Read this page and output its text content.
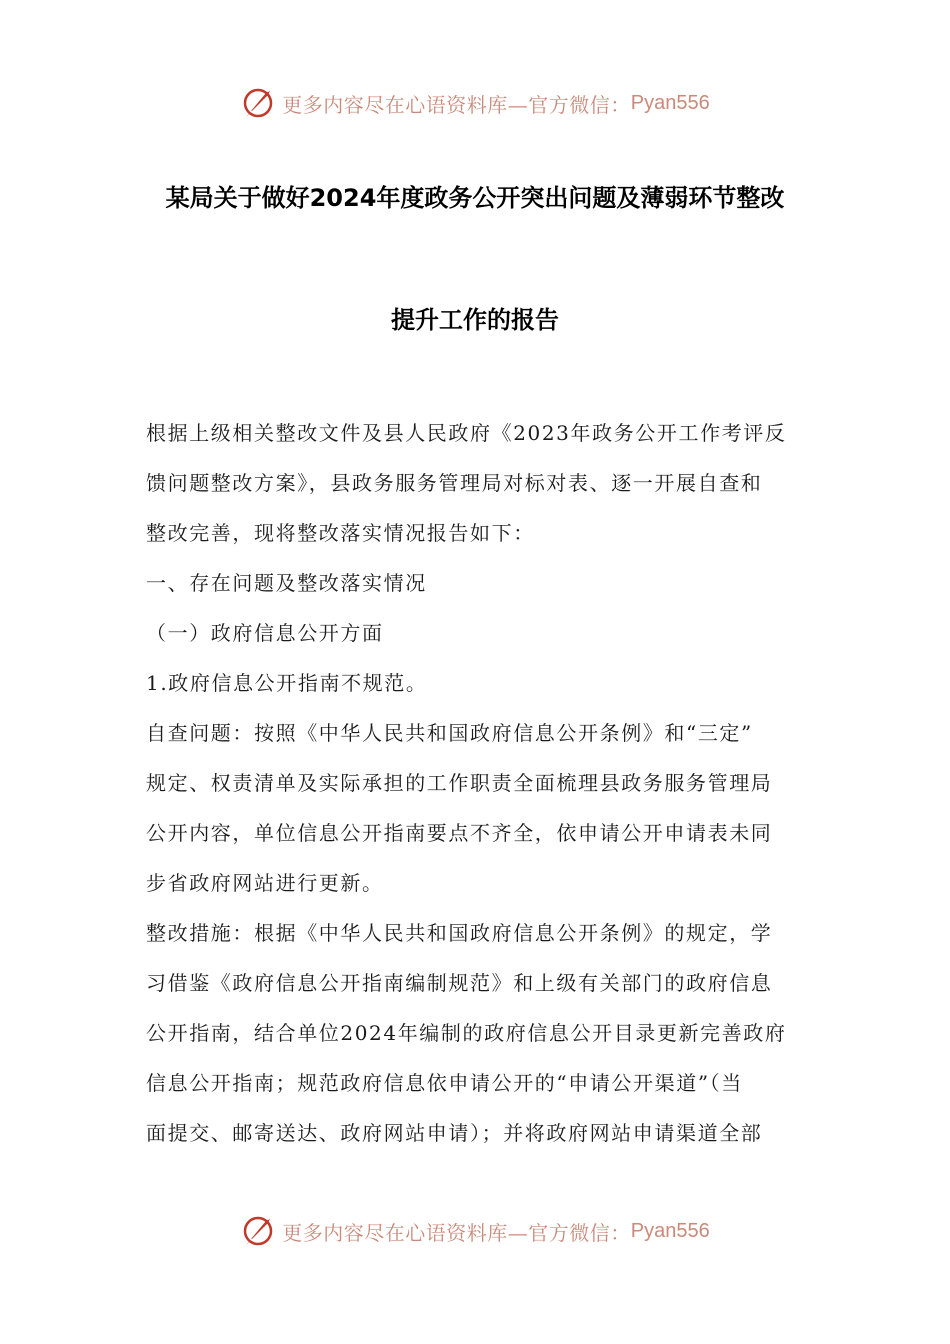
更多内容尽在心语资料库—官方微信： Pyan556
某局关于做好2024年度政务公开突出问题及薄弱环节整改
提升工作的报告
根据上级相关整改文件及县人民政府《2023年政务公开工作考评反
馈问题整改方案》，县政务服务管理局对标对表、逐一开展自查和
整改完善，现将整改落实情况报告如下：
一、存在问题及整改落实情况
（一）政府信息公开方面
1.政府信息公开指南不规范。
自查问题：按照《中华人民共和国政府信息公开条例》和“三定”
规定、权责清单及实际承担的工作职责全面梳理县政务服务管理局
公开内容，单位信息公开指南要点不齐全，依申请公开申请表未同
步省政府网站进行更新。
整改措施：根据《中华人民共和国政府信息公开条例》的规定，学
习借鉴《政府信息公开指南编制规范》和上级有关部门的政府信息
公开指南，结合单位2024年编制的政府信息公开目录更新完善政府
信息公开指南；规范政府信息依申请公开的“申请公开渠道”（当
面提交、邮寄送达、政府网站申请）；并将政府网站申请渠道全部
更多内容尽在心语资料库—官方微信： Pyan556
